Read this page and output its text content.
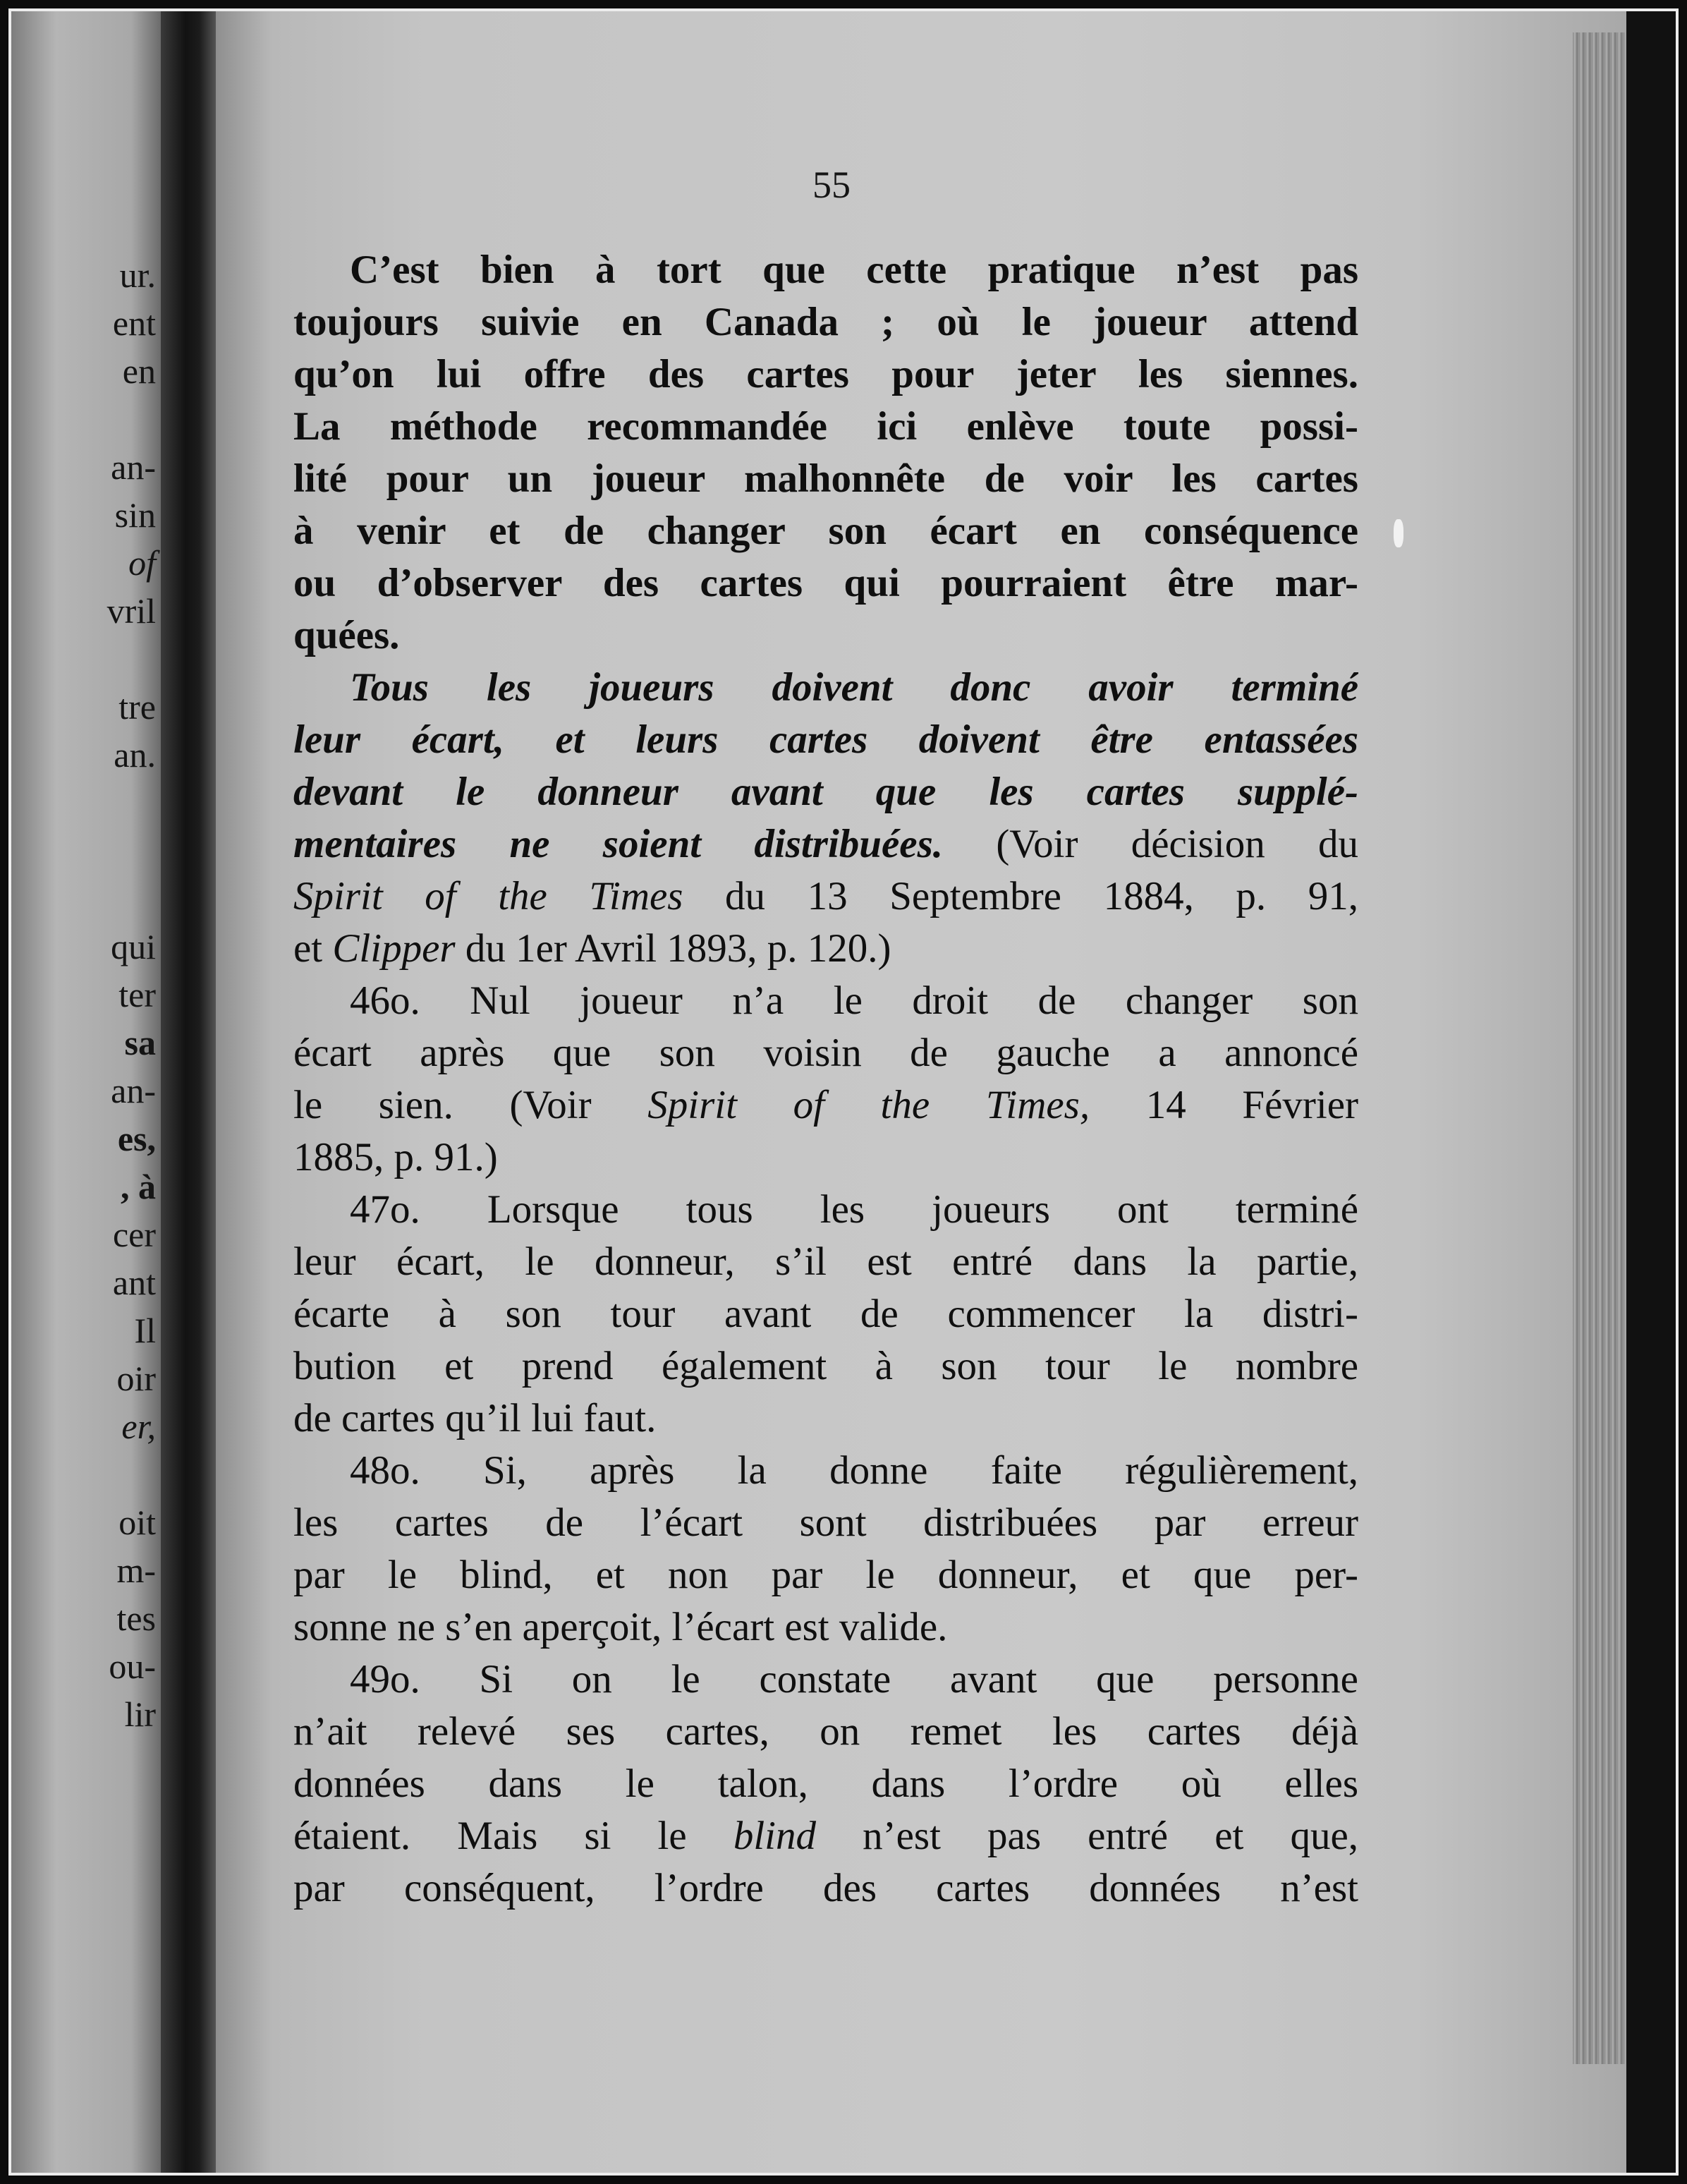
ur.
ent
en
an-
sin
of
vril
tre
an.
qui
ter
sa
an-
es,
, à
cer
ant
Il
oir
er,
oit
m-
tes
ou-
lir
55
C’est bien à tort que cette pratique n’est pas
toujours suivie en Canada ; où le joueur attend
qu’on lui offre des cartes pour jeter les siennes.
La méthode recommandée ici enlève toute possi-
lité pour un joueur malhonnête de voir les cartes
à venir et de changer son écart en conséquence
ou d’observer des cartes qui pourraient être mar-
quées.
Tous les joueurs doivent donc avoir terminé
leur écart, et leurs cartes doivent être entassées
devant le donneur avant que les cartes supplé-
mentaires ne soient distribuées. (Voir décision du
Spirit of the Times du 13 Septembre 1884, p. 91,
et Clipper du 1er Avril 1893, p. 120.)
46o. Nul joueur n’a le droit de changer son
écart après que son voisin de gauche a annoncé
le sien. (Voir Spirit of the Times, 14 Février
1885, p. 91.)
47o. Lorsque tous les joueurs ont terminé
leur écart, le donneur, s’il est entré dans la partie,
écarte à son tour avant de commencer la distri-
bution et prend également à son tour le nombre
de cartes qu’il lui faut.
48o. Si, après la donne faite régulièrement,
les cartes de l’écart sont distribuées par erreur
par le blind, et non par le donneur, et que per-
sonne ne s’en aperçoit, l’écart est valide.
49o. Si on le constate avant que personne
n’ait relevé ses cartes, on remet les cartes déjà
données dans le talon, dans l’ordre où elles
étaient. Mais si le blind n’est pas entré et que,
par conséquent, l’ordre des cartes données n’est
